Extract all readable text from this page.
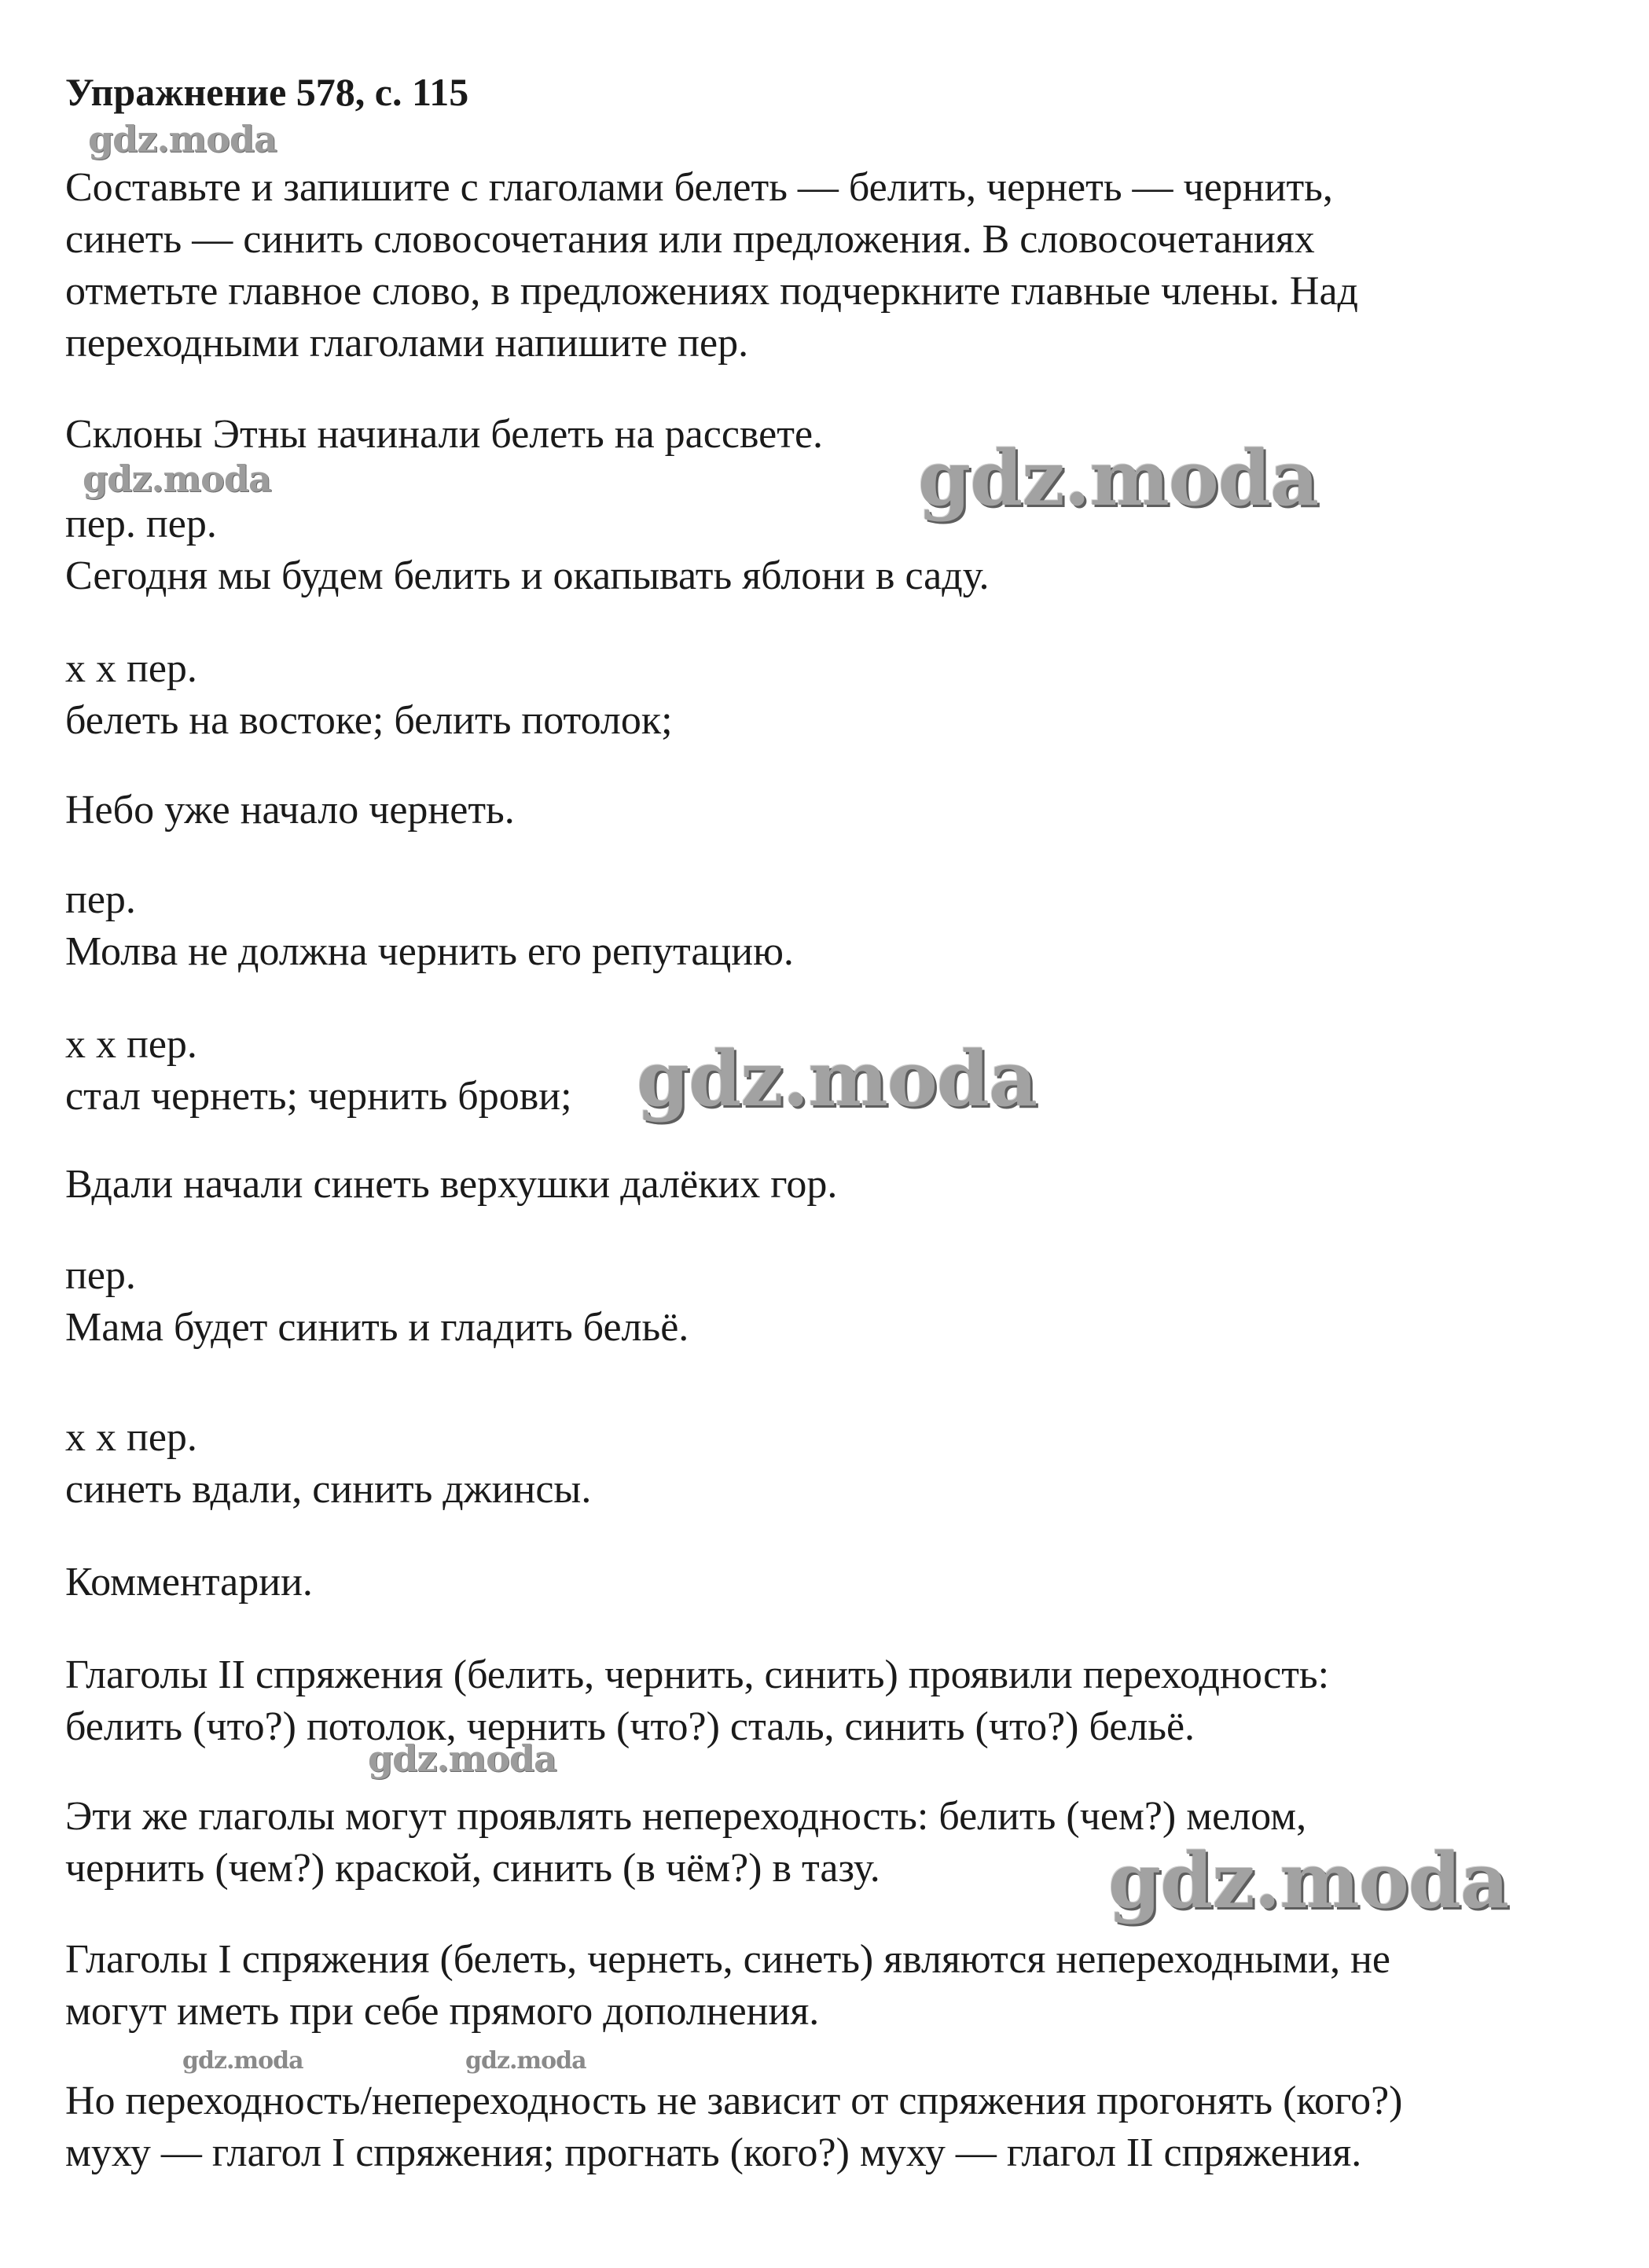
Упражнение 578, с. 115

Составьте и запишите с глаголами белеть — белить, чернеть — чернить,

синеть — синить словосочетания или предложения. В словосочетаниях

отметьте главное слово, в предложениях подчеркните главные члены. Над

переходными глаголами напишите пер.

Склоны Этны начинали белеть на рассвете.

пер. пер.

Сегодня мы будем белить и окапывать яблони в саду.

х х пер.

белеть на востоке; белить потолок;

Небо уже начало чернеть.

пер.

Молва не должна чернить его репутацию.

х х пер.

стал чернеть; чернить брови;

Вдали начали синеть верхушки далёких гор.

пер.

Мама будет синить и гладить бельё.

х х пер.

синеть вдали, синить джинсы.

Комментарии.

Глаголы II спряжения (белить, чернить, синить) проявили переходность:

белить (что?) потолок, чернить (что?) сталь, синить (что?) бельё.

Эти же глаголы могут проявлять непереходность: белить (чем?) мелом,

чернить (чем?) краской, синить (в чём?) в тазу.

Глаголы I спряжения (белеть, чернеть, синеть) являются непереходными, не

могут иметь при себе прямого дополнения.

Но переходность/непереходность не зависит от спряжения прогонять (кого?)

муху — глагол I спряжения; прогнать (кого?) муху — глагол II спряжения.

gdz.moda
gdz.moda	gdz.moda
gdz.moda
gdz.moda
gdz.moda
gdz.moda	gdz.moda
